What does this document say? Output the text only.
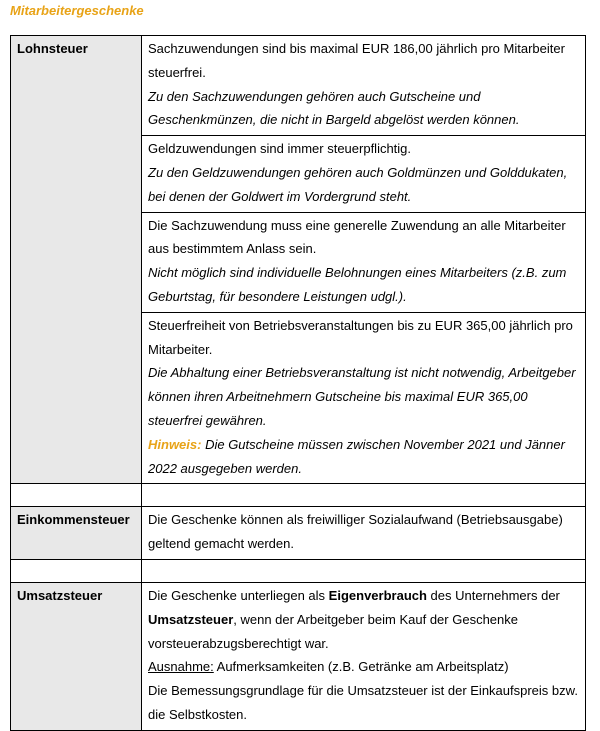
Mitarbeitergeschenke
Lohnsteuer	Sachzuwendungen sind bis maximal EUR 186,00 jährlich pro Mitarbeiter steuerfrei.

Zu den Sachzuwendungen gehören auch Gutscheine und Geschenkmünzen, die nicht in Bargeld abgelöst werden können.

	Geldzuwendungen sind immer steuerpflichtig.

Zu den Geldzuwendungen gehören auch Goldmünzen und Golddukaten, bei denen der Goldwert im Vordergrund steht.

	Die Sachzuwendung muss eine generelle Zuwendung an alle Mitarbeiter aus bestimmtem Anlass sein.

Nicht möglich sind individuelle Belohnungen eines Mitarbeiters (z.B. zum Geburtstag, für besondere Leistungen udgl.).

	Steuerfreiheit von Betriebsveranstaltungen bis zu EUR 365,00 jährlich pro Mitarbeiter.

Die Abhaltung einer Betriebsveranstaltung ist nicht notwendig, Arbeitgeber können ihren Arbeitnehmern Gutscheine bis maximal EUR 365,00 steuerfrei gewähren.

Hinweis: Die Gutscheine müssen zwischen November 2021 und Jänner 2022 ausgegeben werden.

Einkommensteuer	Die Geschenke können als freiwilliger Sozialaufwand (Betriebsausgabe) geltend gemacht werden.

Umsatzsteuer	Die Geschenke unterliegen als Eigenverbrauch des Unternehmers der Umsatzsteuer, wenn der Arbeitgeber beim Kauf der Geschenke vorsteuerabzugsberechtigt war.

Ausnahme: Aufmerksamkeiten (z.B. Getränke am Arbeitsplatz)

Die Bemessungsgrundlage für die Umsatzsteuer ist der Einkaufspreis bzw. die Selbstkosten.
